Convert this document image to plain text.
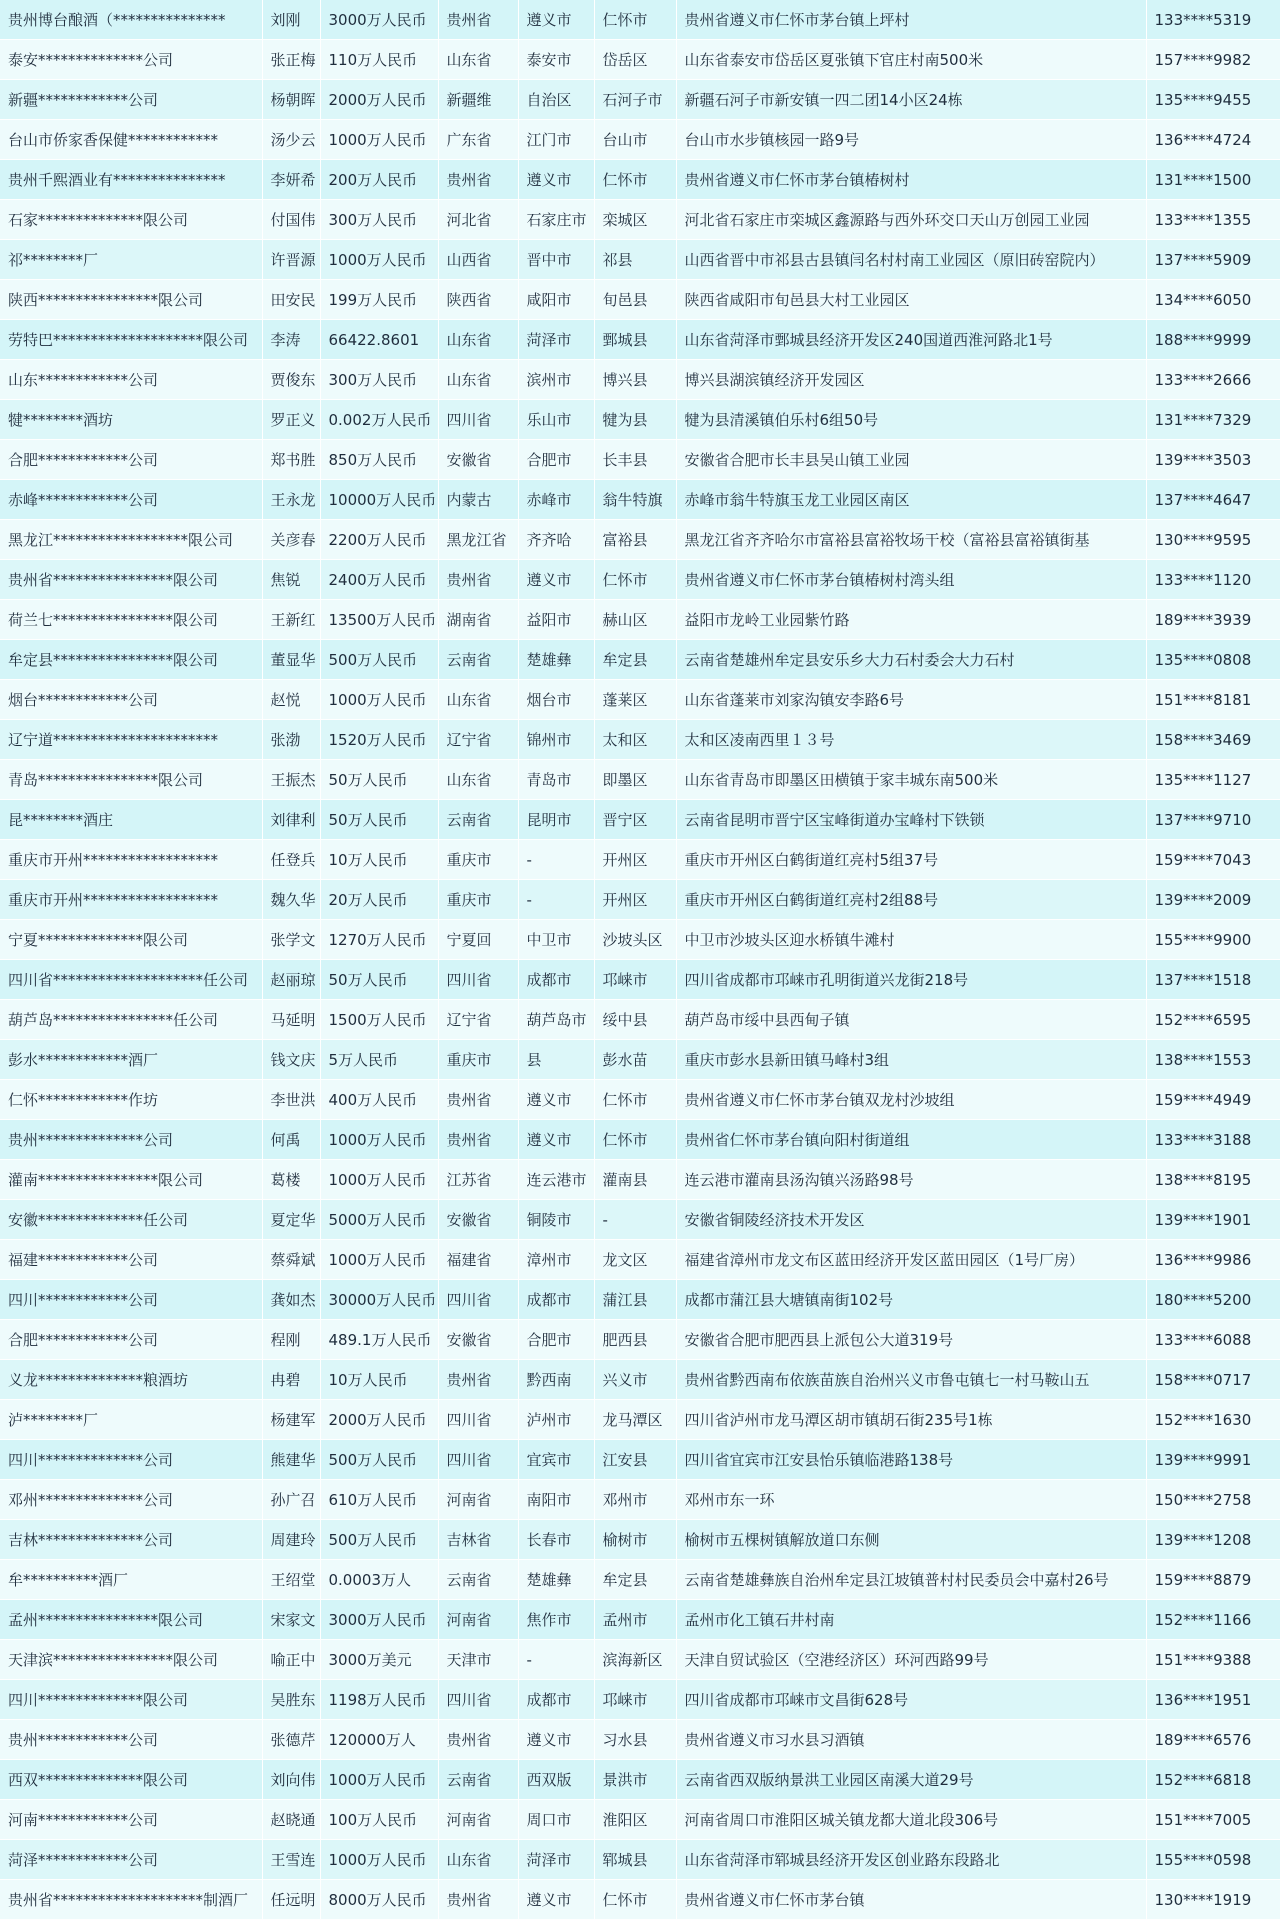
贵州博台酿酒（***************	刘刚	3000万人民币	贵州省	遵义市	仁怀市	贵州省遵义市仁怀市茅台镇上坪村	133****5319
泰安**************公司	张正梅	110万人民币	山东省	泰安市	岱岳区	山东省泰安市岱岳区夏张镇下官庄村南500米	157****9982
新疆************公司	杨朝晖	2000万人民币	新疆维	自治区	石河子市	新疆石河子市新安镇一四二团14小区24栋	135****9455
台山市侨家香保健************	汤少云	1000万人民币	广东省	江门市	台山市	台山市水步镇核园一路9号	136****4724
贵州千熙酒业有***************	李妍希	200万人民币	贵州省	遵义市	仁怀市	贵州省遵义市仁怀市茅台镇椿树村	131****1500
石家**************限公司	付国伟	300万人民币	河北省	石家庄市	栾城区	河北省石家庄市栾城区鑫源路与西外环交口天山万创园工业园	133****1355
祁********厂	许晋源	1000万人民币	山西省	晋中市	祁县	山西省晋中市祁县古县镇闫名村村南工业园区（原旧砖窑院内）	137****5909
陕西****************限公司	田安民	199万人民币	陕西省	咸阳市	旬邑县	陕西省咸阳市旬邑县大村工业园区	134****6050
劳特巴********************限公司	李涛	66422.8601	山东省	菏泽市	鄄城县	山东省菏泽市鄄城县经济开发区240国道西淮河路北1号	188****9999
山东************公司	贾俊东	300万人民币	山东省	滨州市	博兴县	博兴县湖滨镇经济开发园区	133****2666
犍********酒坊	罗正义	0.002万人民币	四川省	乐山市	犍为县	犍为县清溪镇伯乐村6组50号	131****7329
合肥************公司	郑书胜	850万人民币	安徽省	合肥市	长丰县	安徽省合肥市长丰县吴山镇工业园	139****3503
赤峰************公司	王永龙	10000万人民币	内蒙古	赤峰市	翁牛特旗	赤峰市翁牛特旗玉龙工业园区南区	137****4647
黑龙江******************限公司	关彦春	2200万人民币	黑龙江省	齐齐哈	富裕县	黑龙江省齐齐哈尔市富裕县富裕牧场干校（富裕县富裕镇街基	130****9595
贵州省****************限公司	焦锐	2400万人民币	贵州省	遵义市	仁怀市	贵州省遵义市仁怀市茅台镇椿树村湾头组	133****1120
荷兰七****************限公司	王新红	13500万人民币	湖南省	益阳市	赫山区	益阳市龙岭工业园紫竹路	189****3939
牟定县****************限公司	董显华	500万人民币	云南省	楚雄彝	牟定县	云南省楚雄州牟定县安乐乡大力石村委会大力石村	135****0808
烟台************公司	赵悦	1000万人民币	山东省	烟台市	蓬莱区	山东省蓬莱市刘家沟镇安李路6号	151****8181
辽宁道**********************	张渤	1520万人民币	辽宁省	锦州市	太和区	太和区凌南西里１３号	158****3469
青岛****************限公司	王振杰	50万人民币	山东省	青岛市	即墨区	山东省青岛市即墨区田横镇于家丰城东南500米	135****1127
昆********酒庄	刘律利	50万人民币	云南省	昆明市	晋宁区	云南省昆明市晋宁区宝峰街道办宝峰村下铁锁	137****9710
重庆市开州******************	任登兵	10万人民币	重庆市	-	开州区	重庆市开州区白鹤街道红亮村5组37号	159****7043
重庆市开州******************	魏久华	20万人民币	重庆市	-	开州区	重庆市开州区白鹤街道红亮村2组88号	139****2009
宁夏**************限公司	张学文	1270万人民币	宁夏回	中卫市	沙坡头区	中卫市沙坡头区迎水桥镇牛滩村	155****9900
四川省********************任公司	赵丽琼	50万人民币	四川省	成都市	邛崃市	四川省成都市邛崃市孔明街道兴龙街218号	137****1518
葫芦岛****************任公司	马延明	1500万人民币	辽宁省	葫芦岛市	绥中县	葫芦岛市绥中县西甸子镇	152****6595
彭水************酒厂	钱文庆	5万人民币	重庆市	县	彭水苗	重庆市彭水县新田镇马峰村3组	138****1553
仁怀************作坊	李世洪	400万人民币	贵州省	遵义市	仁怀市	贵州省遵义市仁怀市茅台镇双龙村沙坡组	159****4949
贵州**************公司	何禹	1000万人民币	贵州省	遵义市	仁怀市	贵州省仁怀市茅台镇向阳村街道组	133****3188
灌南****************限公司	葛楼	1000万人民币	江苏省	连云港市	灌南县	连云港市灌南县汤沟镇兴汤路98号	138****8195
安徽**************任公司	夏定华	5000万人民币	安徽省	铜陵市	-	安徽省铜陵经济技术开发区	139****1901
福建************公司	蔡舜斌	1000万人民币	福建省	漳州市	龙文区	福建省漳州市龙文布区蓝田经济开发区蓝田园区（1号厂房）	136****9986
四川************公司	龚如杰	30000万人民币	四川省	成都市	蒲江县	成都市蒲江县大塘镇南街102号	180****5200
合肥************公司	程刚	489.1万人民币	安徽省	合肥市	肥西县	安徽省合肥市肥西县上派包公大道319号	133****6088
义龙**************粮酒坊	冉碧	10万人民币	贵州省	黔西南	兴义市	贵州省黔西南布依族苗族自治州兴义市鲁屯镇七一村马鞍山五	158****0717
泸********厂	杨建军	2000万人民币	四川省	泸州市	龙马潭区	四川省泸州市龙马潭区胡市镇胡石街235号1栋	152****1630
四川**************公司	熊建华	500万人民币	四川省	宜宾市	江安县	四川省宜宾市江安县怡乐镇临港路138号	139****9991
邓州**************公司	孙广召	610万人民币	河南省	南阳市	邓州市	邓州市东一环	150****2758
吉林**************公司	周建玲	500万人民币	吉林省	长春市	榆树市	榆树市五棵树镇解放道口东侧	139****1208
牟**********酒厂	王绍堂	0.0003万人	云南省	楚雄彝	牟定县	云南省楚雄彝族自治州牟定县江坡镇普村村民委员会中嘉村26号	159****8879
孟州****************限公司	宋家文	3000万人民币	河南省	焦作市	孟州市	孟州市化工镇石井村南	152****1166
天津滨****************限公司	喻正中	3000万美元	天津市	-	滨海新区	天津自贸试验区（空港经济区）环河西路99号	151****9388
四川**************限公司	吴胜东	1198万人民币	四川省	成都市	邛崃市	四川省成都市邛崃市文昌街628号	136****1951
贵州************公司	张德芹	120000万人	贵州省	遵义市	习水县	贵州省遵义市习水县习酒镇	189****6576
西双**************限公司	刘向伟	1000万人民币	云南省	西双版	景洪市	云南省西双版纳景洪工业园区南溪大道29号	152****6818
河南************公司	赵晓通	100万人民币	河南省	周口市	淮阳区	河南省周口市淮阳区城关镇龙都大道北段306号	151****7005
菏泽************公司	王雪连	1000万人民币	山东省	菏泽市	郓城县	山东省菏泽市郓城县经济开发区创业路东段路北	155****0598
贵州省********************制酒厂	任远明	8000万人民币	贵州省	遵义市	仁怀市	贵州省遵义市仁怀市茅台镇	130****1919
